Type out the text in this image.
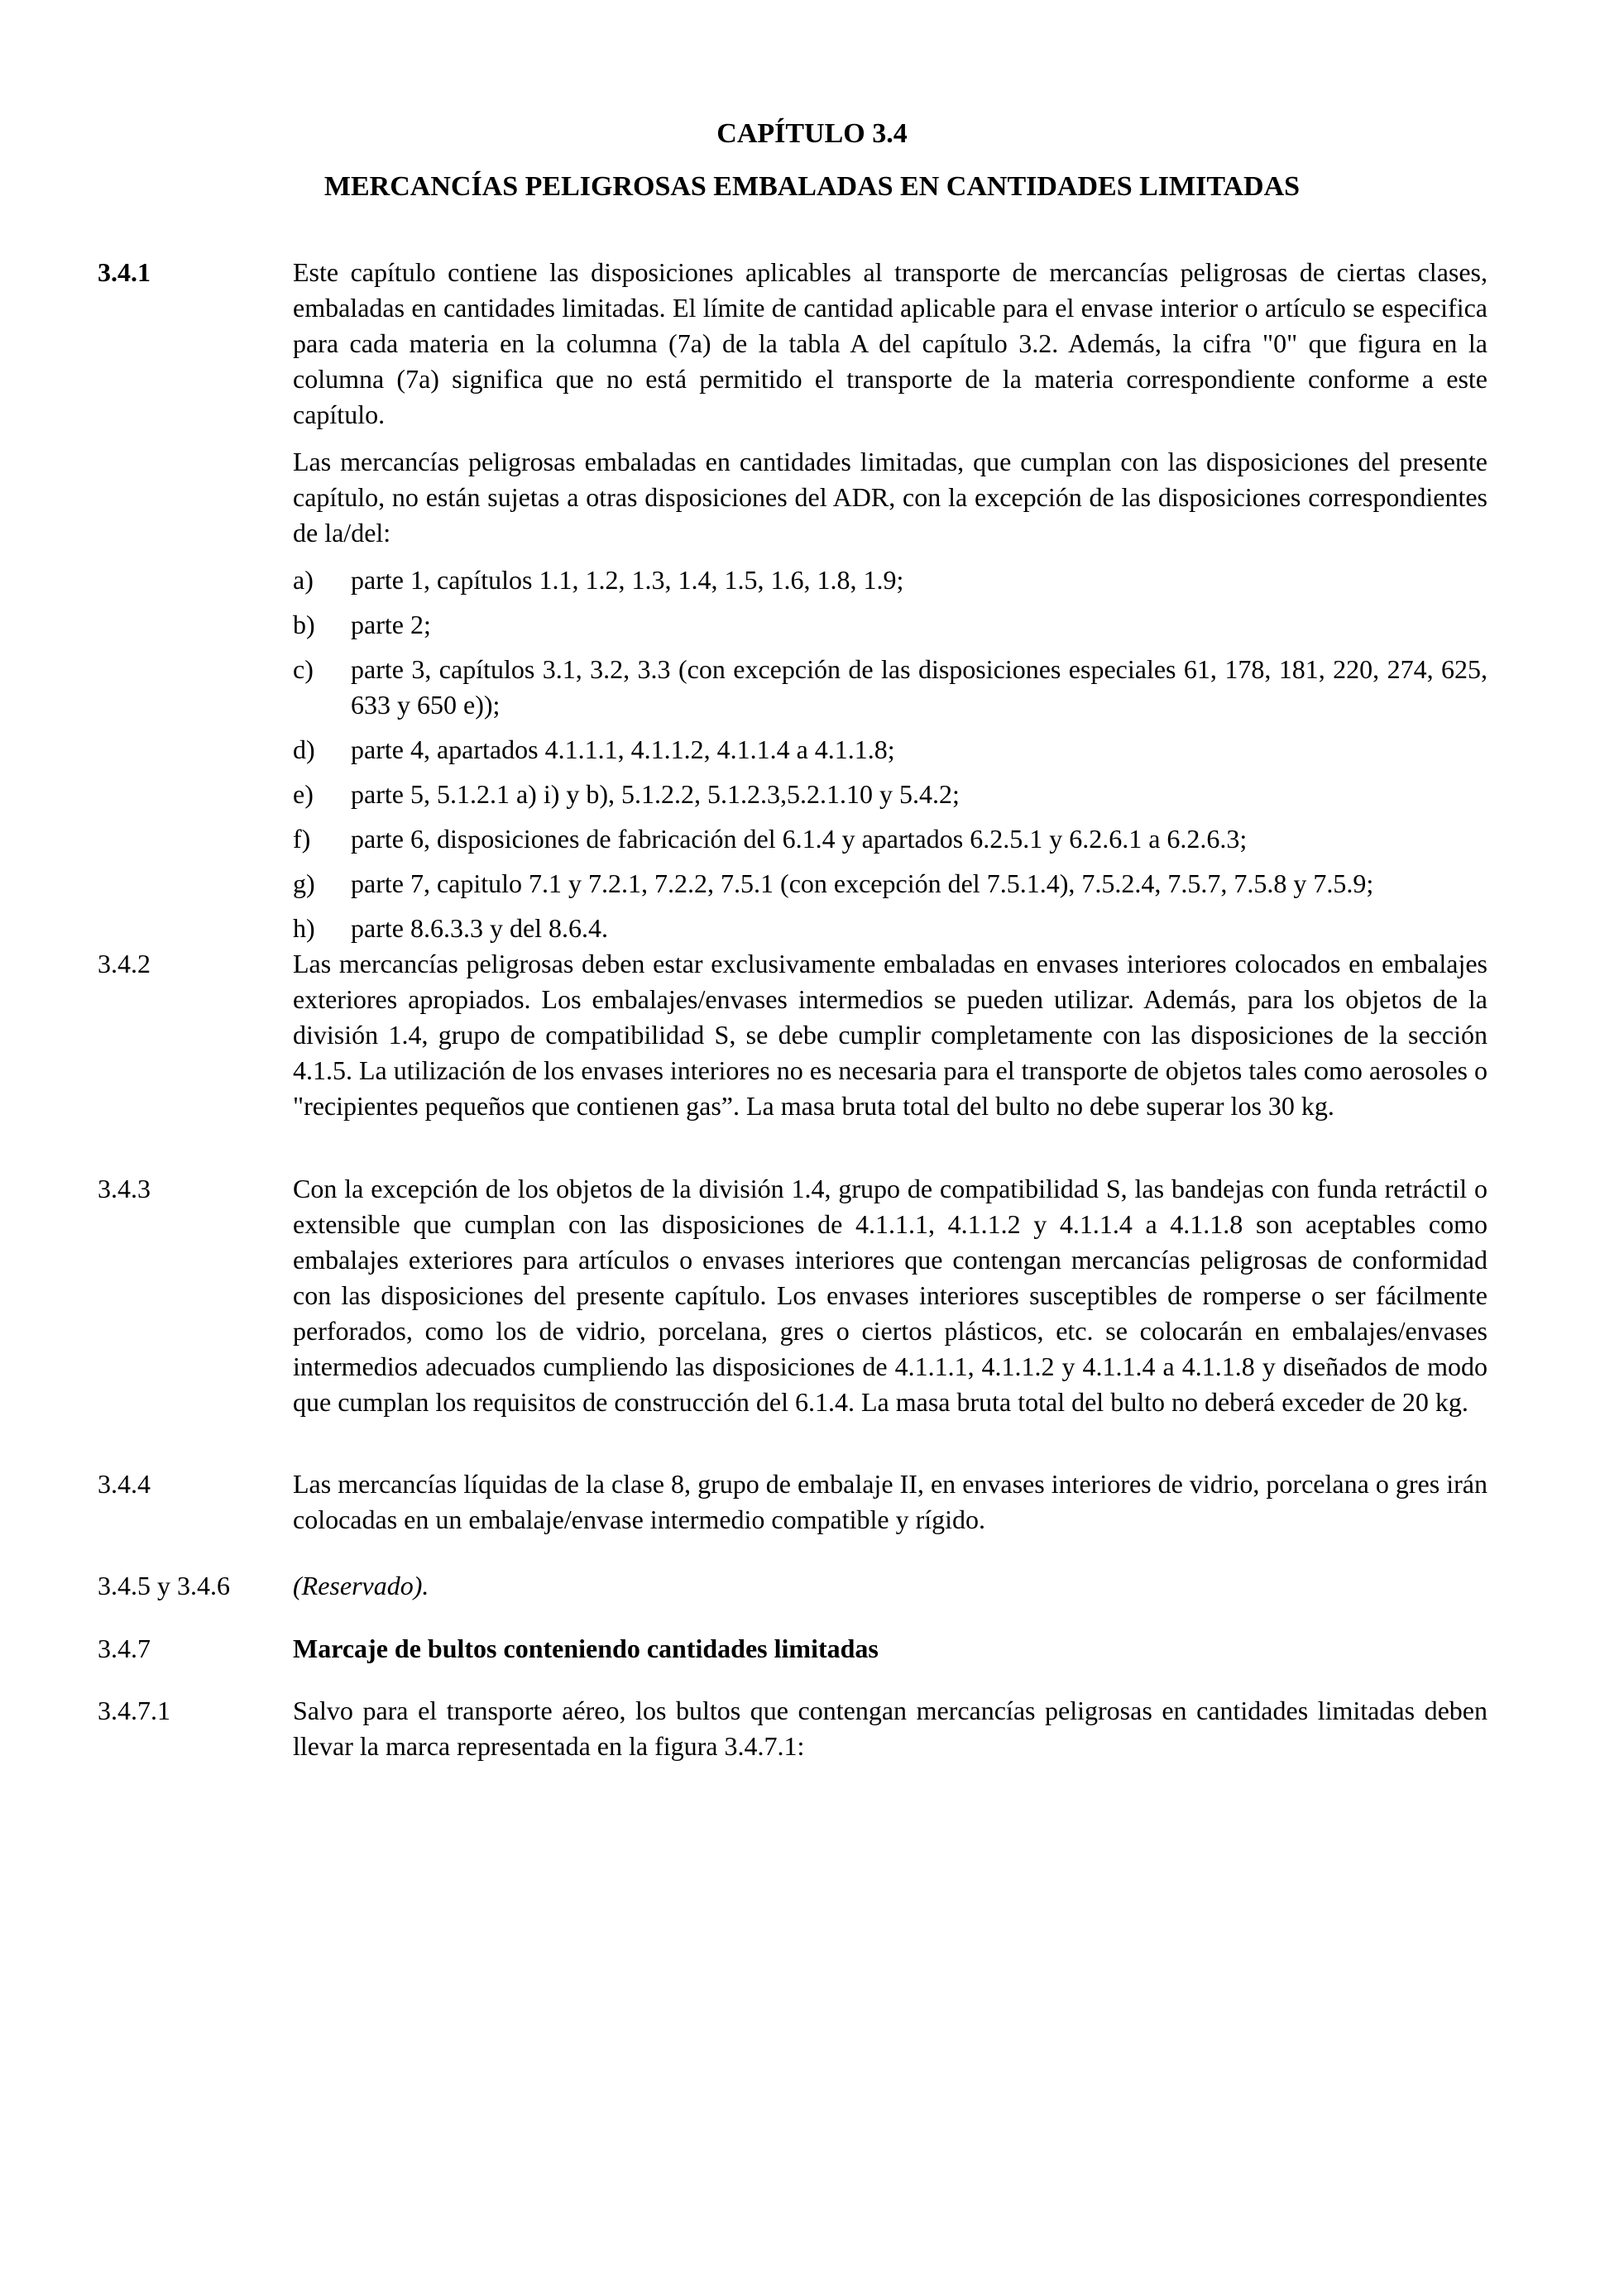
CAPÍTULO 3.4
MERCANCÍAS PELIGROSAS EMBALADAS EN CANTIDADES LIMITADAS
3.4.1	Este capítulo contiene las disposiciones aplicables al transporte de mercancías peligrosas de ciertas clases, embaladas en cantidades limitadas. El límite de cantidad aplicable para el envase interior o artículo se especifica para cada materia en la columna (7a) de la tabla A del capítulo 3.2. Además, la cifra "0" que figura en la columna (7a) significa que no está permitido el transporte de la materia correspondiente conforme a este capítulo.

Las mercancías peligrosas embaladas en cantidades limitadas, que cumplan con las disposiciones del presente capítulo, no están sujetas a otras disposiciones del ADR, con la excepción de las disposiciones correspondientes de la/del:

a) parte 1, capítulos 1.1, 1.2, 1.3, 1.4, 1.5, 1.6, 1.8, 1.9;
b) parte 2;
c) parte 3, capítulos 3.1, 3.2, 3.3 (con excepción de las disposiciones especiales 61, 178, 181, 220, 274, 625, 633 y 650 e));
d) parte 4, apartados 4.1.1.1, 4.1.1.2, 4.1.1.4 a 4.1.1.8;
e) parte 5, 5.1.2.1 a) i) y b), 5.1.2.2, 5.1.2.3,5.2.1.10 y 5.4.2;
f) parte 6, disposiciones de fabricación del 6.1.4 y apartados 6.2.5.1 y 6.2.6.1 a 6.2.6.3;
g) parte 7, capitulo 7.1 y 7.2.1, 7.2.2, 7.5.1 (con excepción del 7.5.1.4), 7.5.2.4, 7.5.7, 7.5.8 y 7.5.9;
h) parte 8.6.3.3 y del 8.6.4.
3.4.2	Las mercancías peligrosas deben estar exclusivamente embaladas en envases interiores colocados en embalajes exteriores apropiados. Los embalajes/envases intermedios se pueden utilizar. Además, para los objetos de la división 1.4, grupo de compatibilidad S, se debe cumplir completamente con las disposiciones de la sección 4.1.5. La utilización de los envases interiores no es necesaria para el transporte de objetos tales como aerosoles o "recipientes pequeños que contienen gas”. La masa bruta total del bulto no debe superar los 30 kg.

3.4.3	Con la excepción de los objetos de la división 1.4, grupo de compatibilidad S, las bandejas con funda retráctil o extensible que cumplan con las disposiciones de 4.1.1.1, 4.1.1.2 y 4.1.1.4 a 4.1.1.8 son aceptables como embalajes exteriores para artículos o envases interiores que contengan mercancías peligrosas de conformidad con las disposiciones del presente capítulo. Los envases interiores susceptibles de romperse o ser fácilmente perforados, como los de vidrio, porcelana, gres o ciertos plásticos, etc. se colocarán en embalajes/envases intermedios adecuados cumpliendo las disposiciones de 4.1.1.1, 4.1.1.2 y 4.1.1.4 a 4.1.1.8 y diseñados de modo que cumplan los requisitos de construcción del 6.1.4. La masa bruta total del bulto no deberá exceder de 20 kg.

3.4.4	Las mercancías líquidas de la clase 8, grupo de embalaje II, en envases interiores de vidrio, porcelana o gres irán colocadas en un embalaje/envase intermedio compatible y rígido.

3.4.5 y 3.4.6 (Reservado).

3.4.7	Marcaje de bultos conteniendo cantidades limitadas

3.4.7.1	Salvo para el transporte aéreo, los bultos que contengan mercancías peligrosas en cantidades limitadas deben llevar la marca representada en la figura 3.4.7.1:
